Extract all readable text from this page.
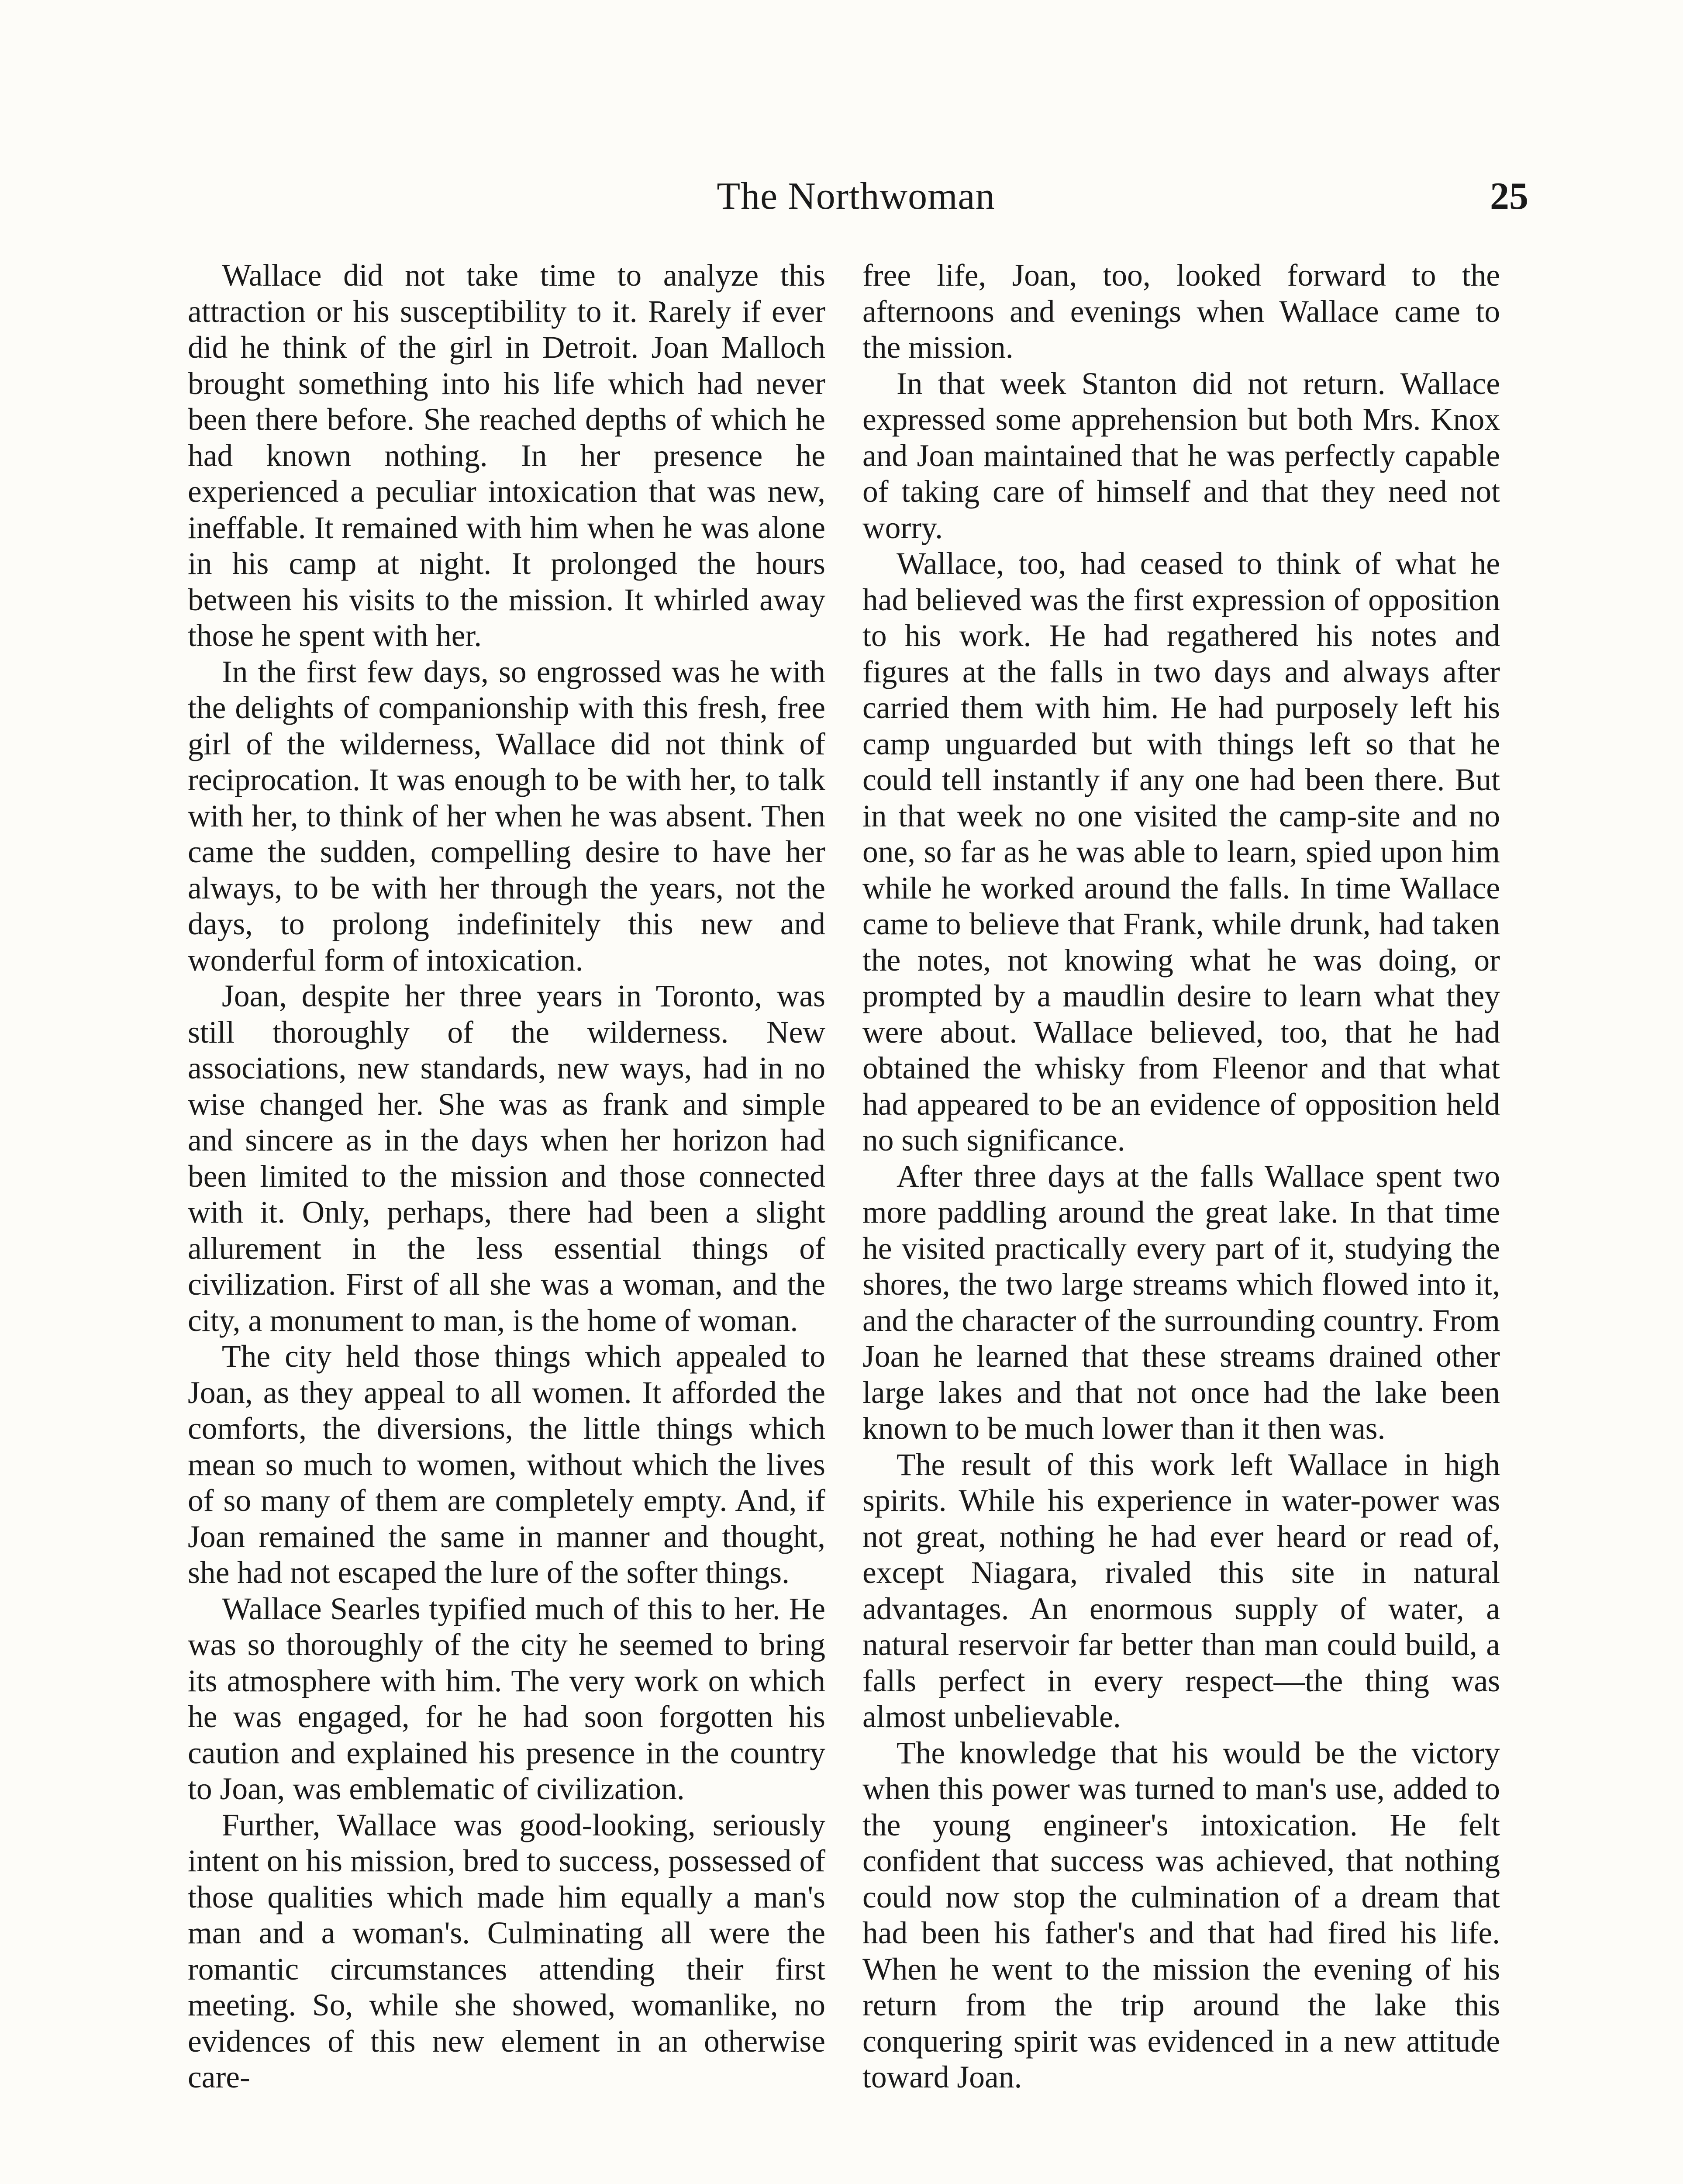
The Northwoman	25

Wallace did not take time to analyze this attraction or his susceptibility to it. Rarely if ever did he think of the girl in Detroit. Joan Malloch brought something into his life which had never been there before. She reached depths of which he had known nothing. In her presence he experienced a peculiar intoxication that was new, ineffable. It remained with him when he was alone in his camp at night. It prolonged the hours between his visits to the mission. It whirled away those he spent with her.

In the first few days, so engrossed was he with the delights of companionship with this fresh, free girl of the wilderness, Wallace did not think of reciprocation. It was enough to be with her, to talk with her, to think of her when he was absent. Then came the sudden, compelling desire to have her always, to be with her through the years, not the days, to prolong indefinitely this new and wonderful form of intoxication.

Joan, despite her three years in Toronto, was still thoroughly of the wilderness. New associations, new standards, new ways, had in no wise changed her. She was as frank and simple and sincere as in the days when her horizon had been limited to the mission and those connected with it. Only, perhaps, there had been a slight allurement in the less essential things of civilization. First of all she was a woman, and the city, a monument to man, is the home of woman.

The city held those things which appealed to Joan, as they appeal to all women. It afforded the comforts, the diversions, the little things which mean so much to women, without which the lives of so many of them are completely empty. And, if Joan remained the same in manner and thought, she had not escaped the lure of the softer things.

Wallace Searles typified much of this to her. He was so thoroughly of the city he seemed to bring its atmosphere with him. The very work on which he was engaged, for he had soon forgotten his caution and explained his presence in the country to Joan, was emblematic of civilization.

Further, Wallace was good-looking, seriously intent on his mission, bred to success, possessed of those qualities which made him equally a man's man and a woman's. Culminating all were the romantic circumstances attending their first meeting. So, while she showed, womanlike, no evidences of this new element in an otherwise care-

free life, Joan, too, looked forward to the afternoons and evenings when Wallace came to the mission.

In that week Stanton did not return. Wallace expressed some apprehension but both Mrs. Knox and Joan maintained that he was perfectly capable of taking care of himself and that they need not worry.

Wallace, too, had ceased to think of what he had believed was the first expression of opposition to his work. He had regathered his notes and figures at the falls in two days and always after carried them with him. He had purposely left his camp unguarded but with things left so that he could tell instantly if any one had been there. But in that week no one visited the camp-site and no one, so far as he was able to learn, spied upon him while he worked around the falls. In time Wallace came to believe that Frank, while drunk, had taken the notes, not knowing what he was doing, or prompted by a maudlin desire to learn what they were about. Wallace believed, too, that he had obtained the whisky from Fleenor and that what had appeared to be an evidence of opposition held no such significance.

After three days at the falls Wallace spent two more paddling around the great lake. In that time he visited practically every part of it, studying the shores, the two large streams which flowed into it, and the character of the surrounding country. From Joan he learned that these streams drained other large lakes and that not once had the lake been known to be much lower than it then was.

The result of this work left Wallace in high spirits. While his experience in water-power was not great, nothing he had ever heard or read of, except Niagara, rivaled this site in natural advantages. An enormous supply of water, a natural reservoir far better than man could build, a falls perfect in every respect—the thing was almost unbelievable.

The knowledge that his would be the victory when this power was turned to man's use, added to the young engineer's intoxication. He felt confident that success was achieved, that nothing could now stop the culmination of a dream that had been his father's and that had fired his life. When he went to the mission the evening of his return from the trip around the lake this conquering spirit was evidenced in a new attitude toward Joan.
